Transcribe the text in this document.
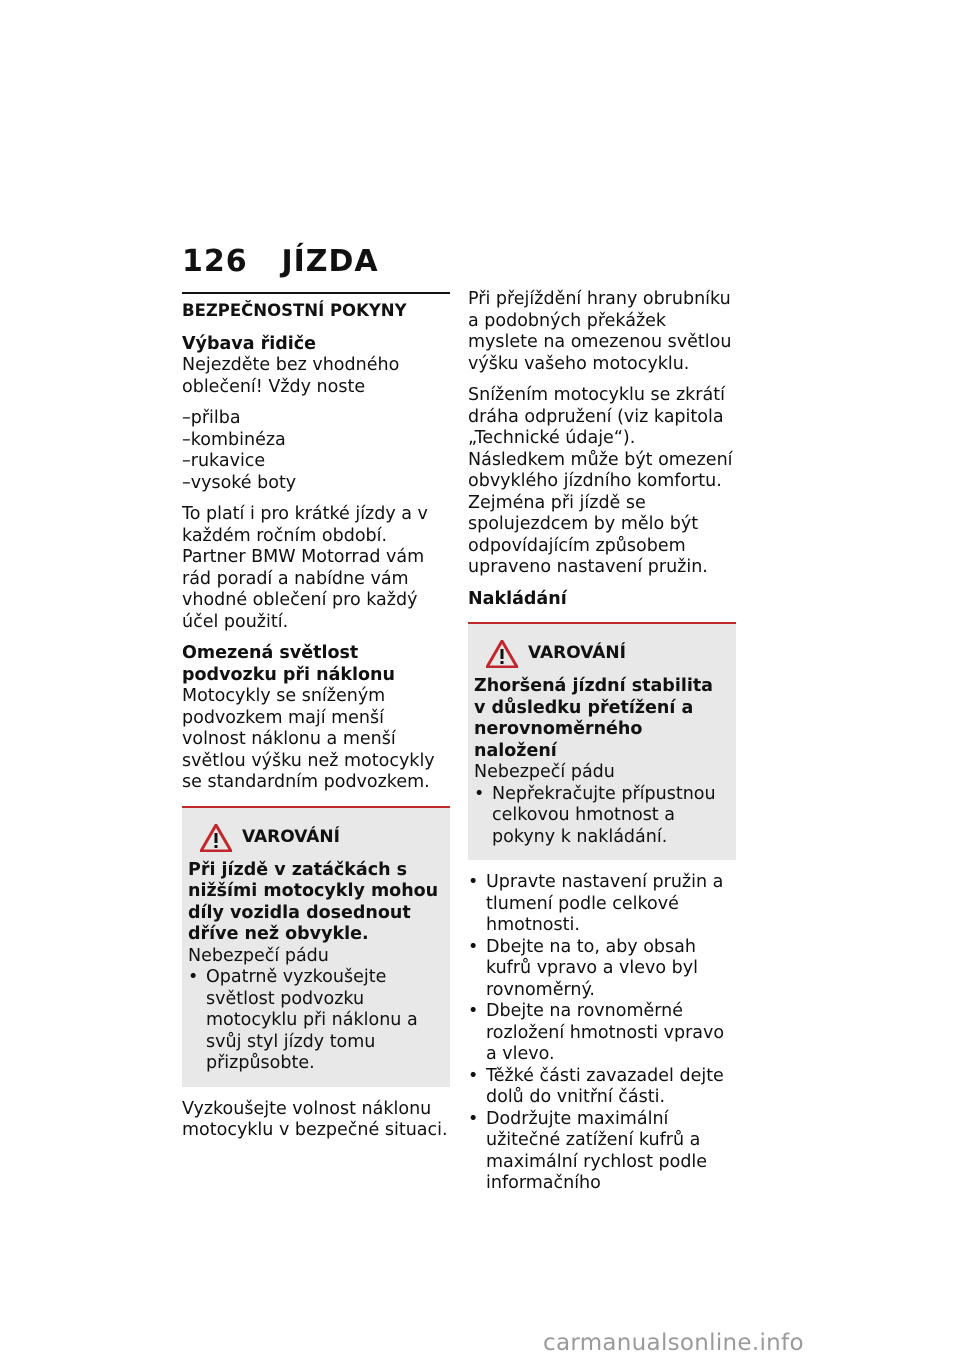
126 JÍZDA
BEZPEČNOSTNÍ POKYNY
Výbava řidiče

Nejezděte bez vhodného oblečení! Vždy noste

– přilba
– kombinéza
– rukavice
– vysoké boty

To platí i pro krátké jízdy a v každém ročním období. Partner BMW Motorrad vám rád poradí a nabídne vám vhodné oblečení pro každý účel použití.

Omezená světlost podvozku při náklonu

Motocykly se sníženým podvozkem mají menší volnost náklonu a menší světlou výšku než motocykly se standardním podvozkem.

VAROVÁNÍ
Při jízdě v zatáčkách s nižšími motocykly mohou díly vozidla dosednout dříve než obvykle.
Nebezpečí pádu
• Opatrně vyzkoušejte světlost podvozku motocyklu při náklonu a svůj styl jízdy tomu přizpůsobte.

Vyzkoušejte volnost náklonu motocyklu v bezpečné situaci.

Při přejíždění hrany obrubníku a podobných překážek myslete na omezenou světlou výšku vašeho motocyklu.

Snížením motocyklu se zkrátí dráha odpružení (viz kapitola „Technické údaje“). Následkem může být omezení obvyklého jízdního komfortu. Zejména při jízdě se spolujezdcem by mělo být odpovídajícím způsobem upraveno nastavení pružin.

Nakládání
VAROVÁNÍ
Zhoršená jízdní stabilita v důsledku přetížení a nerovnoměrného naložení
Nebezpečí pádu
• Nepřekračujte přípustnou celkovou hmotnost a pokyny k nakládání.
• Upravte nastavení pružin a tlumení podle celkové hmotnosti.
• Dbejte na to, aby obsah kufrů vpravo a vlevo byl rovnoměrný.
• Dbejte na rovnoměrné rozložení hmotnosti vpravo a vlevo.
• Těžké části zavazadel dejte dolů do vnitřní části.
• Dodržujte maximální užitečné zatížení kufrů a maximální rychlost podle informačního
carmanualsonline.info
